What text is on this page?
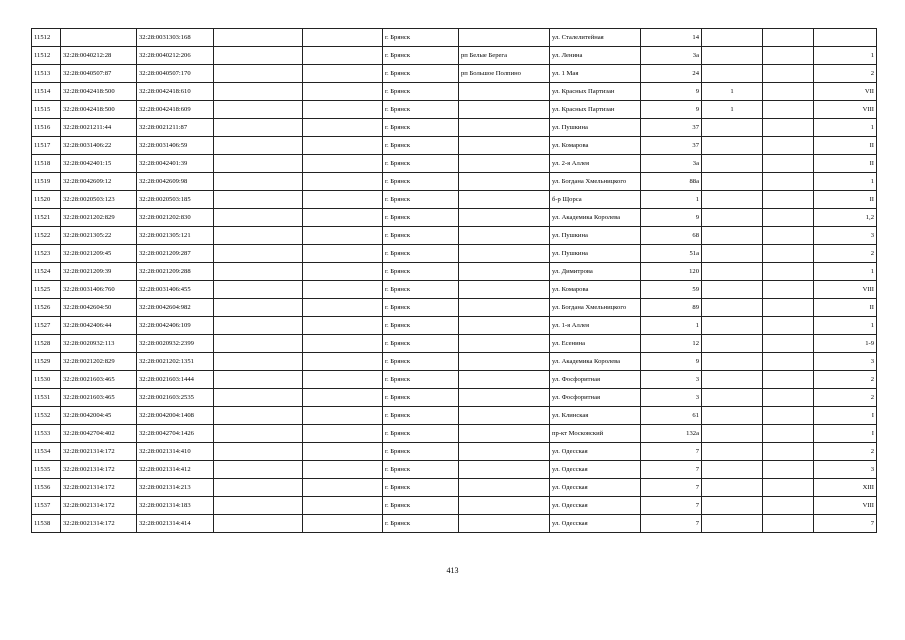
11512		32:28:0031303:168			г. Брянск		ул. Сталелитейная	14			
11512	32:28:0040212:28	32:28:0040212:206			г. Брянск	рп Белые Берега	ул. Ленина	3а			1
11513	32:28:0040507:87	32:28:0040507:170			г. Брянск	рп Большое Полпино	ул. 1 Мая	24			2
11514	32:28:0042418:500	32:28:0042418:610			г. Брянск		ул. Красных Партизан	9	1		VII
11515	32:28:0042418:500	32:28:0042418:609			г. Брянск		ул. Красных Партизан	9	1		VIII
11516	32:28:0021211:44	32:28:0021211:87			г. Брянск		ул. Пушкина	37			1
11517	32:28:0031406:22	32:28:0031406:59			г. Брянск		ул. Комарова	37			II
11518	32:28:0042401:15	32:28:0042401:39			г. Брянск		ул. 2-я Аллея	3а			II
11519	32:28:0042609:12	32:28:0042609:98			г. Брянск		ул. Богдана Хмельницкого	88а			1
11520	32:28:0020503:123	32:28:0020503:185			г. Брянск		б-р Щорса	1			II
11521	32:28:0021202:829	32:28:0021202:830			г. Брянск		ул. Академика Королева	9			1,2
11522	32:28:0021305:22	32:28:0021305:121			г. Брянск		ул. Пушкина	68			3
11523	32:28:0021209:45	32:28:0021209:287			г. Брянск		ул. Пушкина	51а			2
11524	32:28:0021209:39	32:28:0021209:288			г. Брянск		ул. Димитрова	120			1
11525	32:28:0031406:760	32:28:0031406:455			г. Брянск		ул. Комарова	59			VIII
11526	32:28:0042604:50	32:28:0042604:982			г. Брянск		ул. Богдана Хмельницкого	89			II
11527	32:28:0042406:44	32:28:0042406:109			г. Брянск		ул. 1-я Аллея	1			1
11528	32:28:0020932:113	32:28:0020932:2399			г. Брянск		ул. Есенина	12			1-9
11529	32:28:0021202:829	32:28:0021202:1351			г. Брянск		ул. Академика Королева	9			3
11530	32:28:0021603:465	32:28:0021603:1444			г. Брянск		ул. Фосфоритная	3			2
11531	32:28:0021603:465	32:28:0021603:2535			г. Брянск		ул. Фосфоритная	3			2
11532	32:28:0042004:45	32:28:0042004:1408			г. Брянск		ул. Клинская	61			I
11533	32:28:0042704:402	32:28:0042704:1426			г. Брянск		пр-кт Московский	132а			I
11534	32:28:0021314:172	32:28:0021314:410			г. Брянск		ул. Одесская	7			2
11535	32:28:0021314:172	32:28:0021314:412			г. Брянск		ул. Одесская	7			3
11536	32:28:0021314:172	32:28:0021314:213			г. Брянск		ул. Одесская	7			XIII
11537	32:28:0021314:172	32:28:0021314:183			г. Брянск		ул. Одесская	7			VIII
11538	32:28:0021314:172	32:28:0021314:414			г. Брянск		ул. Одесская	7			7
413
